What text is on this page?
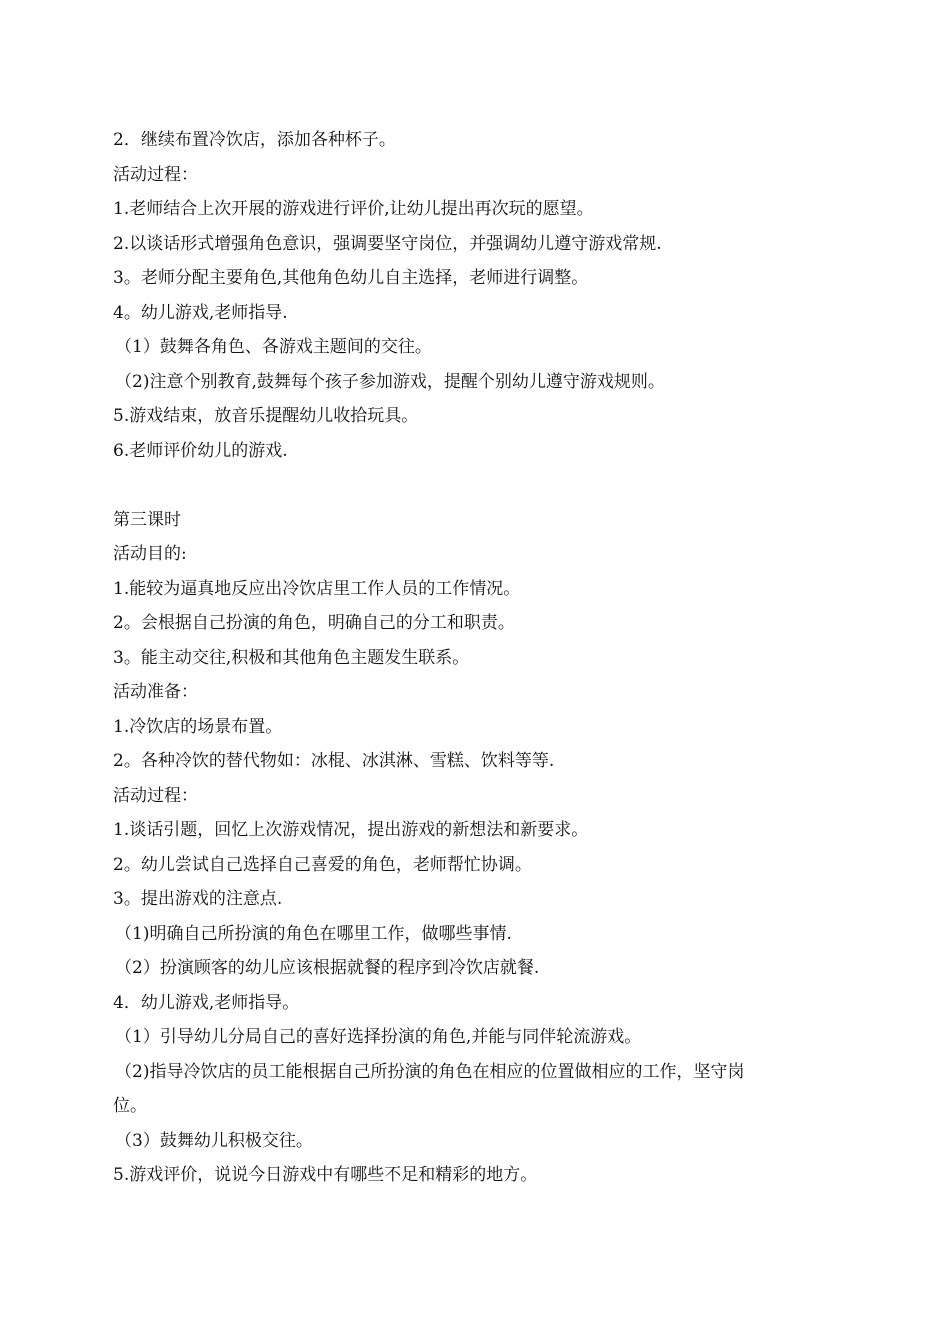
2．继续布置冷饮店，添加各种杯子。
活动过程：
1.老师结合上次开展的游戏进行评价,让幼儿提出再次玩的愿望。
2.以谈话形式增强角色意识，强调要坚守岗位，并强调幼儿遵守游戏常规.
3。老师分配主要角色,其他角色幼儿自主选择，老师进行调整。
4。幼儿游戏,老师指导.
（1）鼓舞各角色、各游戏主题间的交往。
（2)注意个别教育,鼓舞每个孩子参加游戏，提醒个别幼儿遵守游戏规则。
5.游戏结束，放音乐提醒幼儿收拾玩具。
6.老师评价幼儿的游戏.
第三课时
活动目的:
1.能较为逼真地反应出冷饮店里工作人员的工作情况。
2。会根据自己扮演的角色，明确自己的分工和职责。
3。能主动交往,积极和其他角色主题发生联系。
活动准备：
1.冷饮店的场景布置。
2。各种冷饮的替代物如：冰棍、冰淇淋、雪糕、饮料等等.
活动过程：
1.谈话引题，回忆上次游戏情况，提出游戏的新想法和新要求。
2。幼儿尝试自己选择自己喜爱的角色，老师帮忙协调。
3。提出游戏的注意点.
（1)明确自己所扮演的角色在哪里工作，做哪些事情.
（2）扮演顾客的幼儿应该根据就餐的程序到冷饮店就餐.
4．幼儿游戏,老师指导。
（1）引导幼儿分局自己的喜好选择扮演的角色,并能与同伴轮流游戏。
（2)指导冷饮店的员工能根据自己所扮演的角色在相应的位置做相应的工作，坚守岗
位。
（3）鼓舞幼儿积极交往。
5.游戏评价，说说今日游戏中有哪些不足和精彩的地方。
